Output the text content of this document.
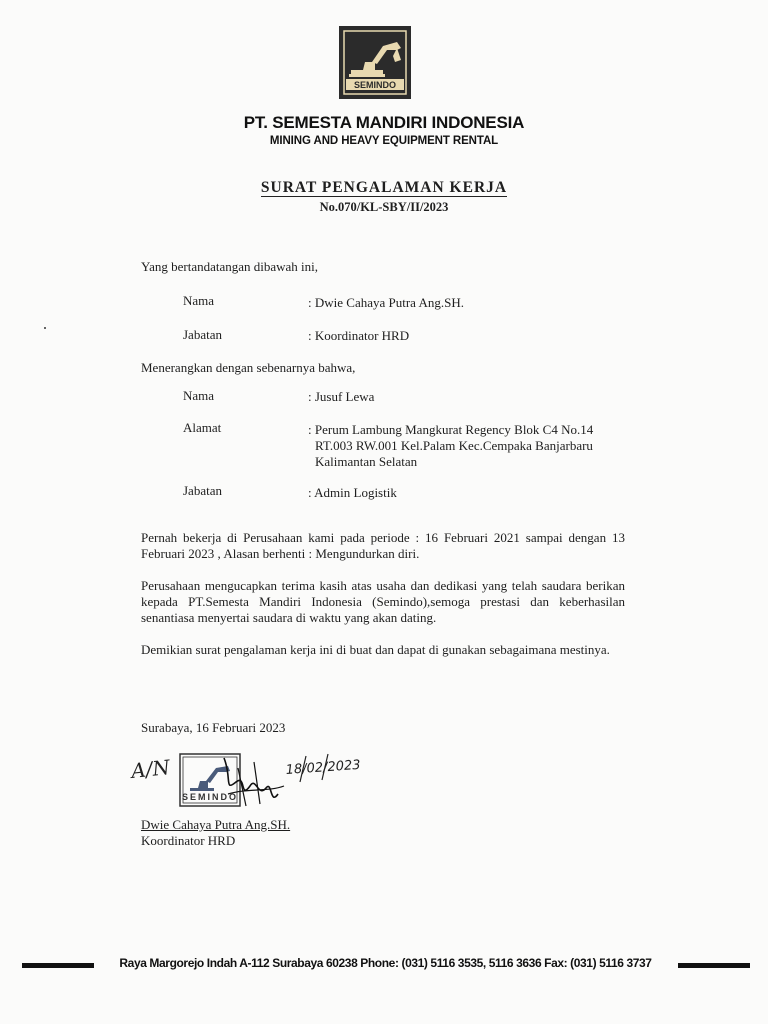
SEMINDO
PT. SEMESTA MANDIRI INDONESIA
MINING AND HEAVY EQUIPMENT RENTAL
SURAT PENGALAMAN KERJA
No.070/KL-SBY/II/2023
Yang bertandatangan dibawah ini,
Nama	: Dwie Cahaya Putra Ang.SH.
Jabatan	: Koordinator HRD
Menerangkan dengan sebenarnya bahwa,
Nama	: Jusuf Lewa
Alamat	: Perum Lambung Mangkurat Regency Blok C4 No.14
RT.003 RW.001 Kel.Palam Kec.Cempaka Banjarbaru
Kalimantan Selatan
Jabatan	: Admin Logistik
Pernah bekerja di Perusahaan kami pada periode : 16 Februari 2021 sampai dengan 13 Februari 2023 , Alasan berhenti : Mengundurkan diri.
Perusahaan mengucapkan terima kasih atas usaha dan dedikasi yang telah saudara berikan kepada PT.Semesta Mandiri Indonesia (Semindo),semoga prestasi dan keberhasilan senantiasa menyertai saudara di waktu yang akan dating.
Demikian surat pengalaman kerja ini di buat dan dapat di gunakan sebagaimana mestinya.
Surabaya, 16 Februari 2023
A/N
SEMINDO
18/02/2023
Dwie Cahaya Putra Ang.SH.
Koordinator HRD
Raya Margorejo Indah A-112 Surabaya 60238 Phone: (031) 5116 3535, 5116 3636 Fax: (031) 5116 3737
